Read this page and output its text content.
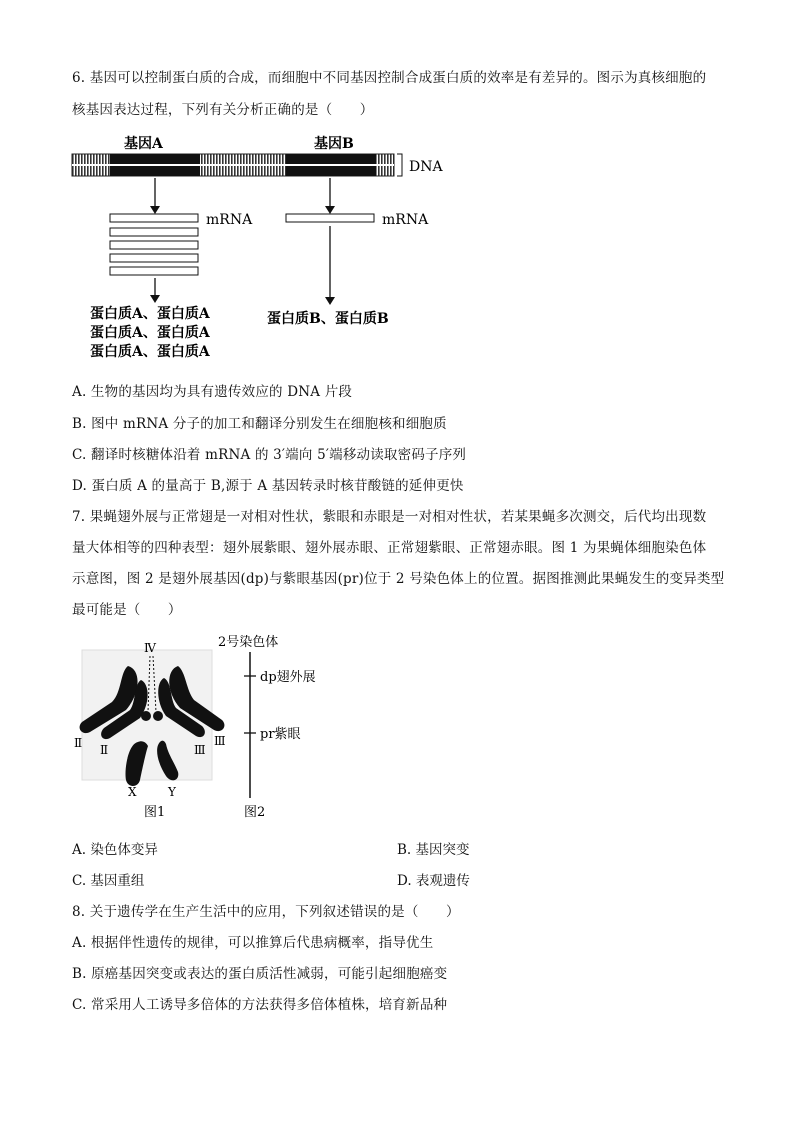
6. 基因可以控制蛋白质的合成，而细胞中不同基因控制合成蛋白质的效率是有差异的。图示为真核细胞的
核基因表达过程，下列有关分析正确的是（　　）
基因A	基因B
DNA
mRNA	mRNA
蛋白质A、蛋白质A
蛋白质A、蛋白质A
蛋白质A、蛋白质A
蛋白质B、蛋白质B
A. 生物的基因均为具有遗传效应的 DNA 片段
B. 图中 mRNA 分子的加工和翻译分别发生在细胞核和细胞质
C. 翻译时核糖体沿着 mRNA 的 3′端向 5′端移动读取密码子序列
D. 蛋白质 A 的量高于 B,源于 A 基因转录时核苷酸链的延伸更快
7. 果蝇翅外展与正常翅是一对相对性状，紫眼和赤眼是一对相对性状，若某果蝇多次测交，后代均出现数
量大体相等的四种表型：翅外展紫眼、翅外展赤眼、正常翅紫眼、正常翅赤眼。图 1 为果蝇体细胞染色体
示意图，图 2 是翅外展基因(dp)与紫眼基因(pr)位于 2 号染色体上的位置。据图推测此果蝇发生的变异类型
最可能是（　　）
Ⅳ
Ⅱ Ⅱ	Ⅲ
Ⅲ
X	Y
图1
2号染色体
dp翅外展
pr紫眼
图2
A. 染色体变异	B. 基因突变
C. 基因重组	D. 表观遗传
8. 关于遗传学在生产生活中的应用，下列叙述错误的是（　　）
A. 根据伴性遗传的规律，可以推算后代患病概率，指导优生
B. 原癌基因突变或表达的蛋白质活性减弱，可能引起细胞癌变
C. 常采用人工诱导多倍体的方法获得多倍体植株，培育新品种
